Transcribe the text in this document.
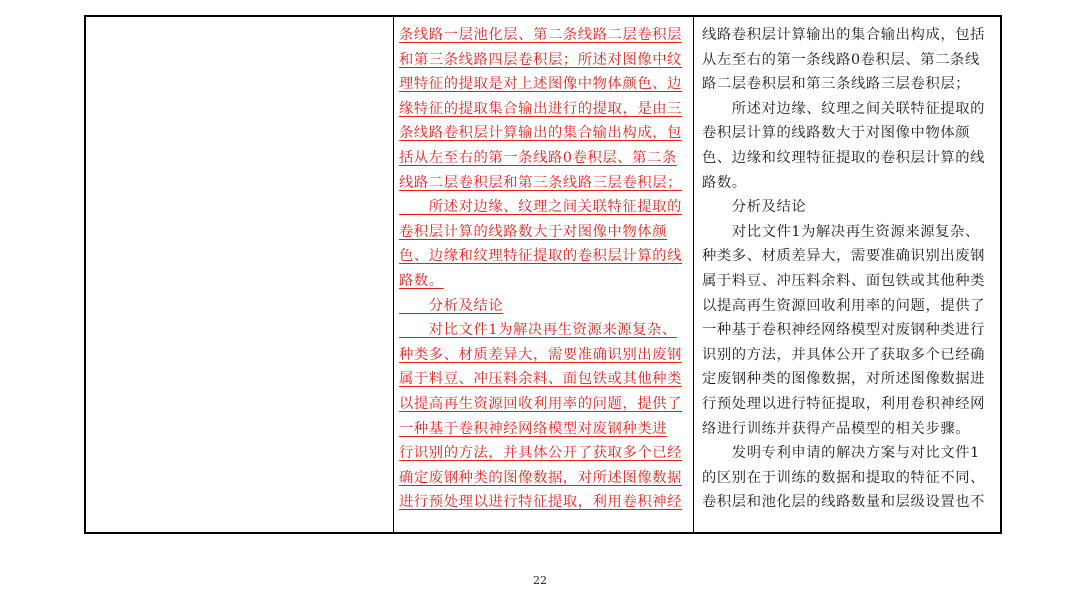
条线路一层池化层、第二条线路二层卷积层
和第三条线路四层卷积层；所述对图像中纹
理特征的提取是对上述图像中物体颜色、边
缘特征的提取集合输出进行的提取，是由三
条线路卷积层计算输出的集合输出构成，包
括从左至右的第一条线路0卷积层、第二条
线路二层卷积层和第三条线路三层卷积层；
　　所述对边缘、纹理之间关联特征提取的
卷积层计算的线路数大于对图像中物体颜
色、边缘和纹理特征提取的卷积层计算的线
路数。
　　分析及结论
　　对比文件1为解决再生资源来源复杂、
种类多、材质差异大，需要准确识别出废钢
属于料豆、冲压料余料、面包铁或其他种类
以提高再生资源回收利用率的问题，提供了
一种基于卷积神经网络模型对废钢种类进
行识别的方法，并具体公开了获取多个已经
确定废钢种类的图像数据，对所述图像数据
进行预处理以进行特征提取，利用卷积神经
线路卷积层计算输出的集合输出构成，包括
从左至右的第一条线路0卷积层、第二条线
路二层卷积层和第三条线路三层卷积层；
　　所述对边缘、纹理之间关联特征提取的
卷积层计算的线路数大于对图像中物体颜
色、边缘和纹理特征提取的卷积层计算的线
路数。
　　分析及结论
　　对比文件1为解决再生资源来源复杂、
种类多、材质差异大，需要准确识别出废钢
属于料豆、冲压料余料、面包铁或其他种类
以提高再生资源回收利用率的问题，提供了
一种基于卷积神经网络模型对废钢种类进行
识别的方法，并具体公开了获取多个已经确
定废钢种类的图像数据，对所述图像数据进
行预处理以进行特征提取，利用卷积神经网
络进行训练并获得产品模型的相关步骤。
　　发明专利申请的解决方案与对比文件1
的区别在于训练的数据和提取的特征不同、
卷积层和池化层的线路数量和层级设置也不
22
